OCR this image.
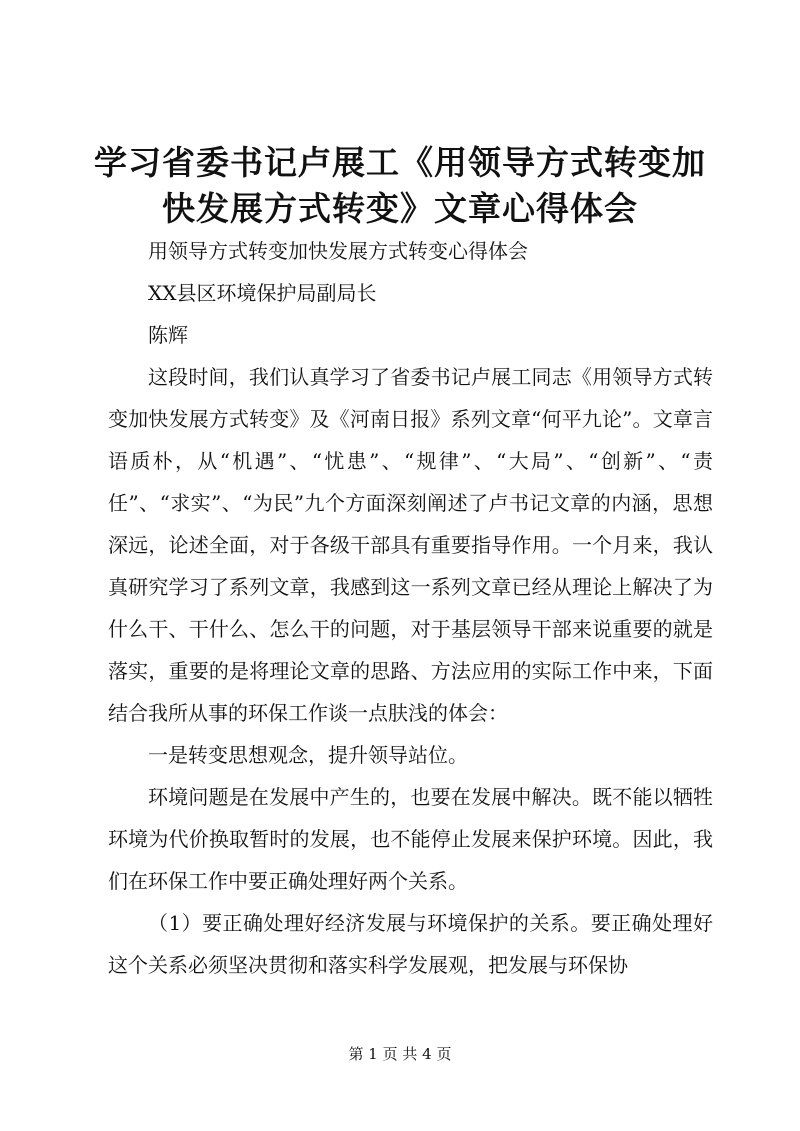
学习省委书记卢展工《用领导方式转变加快发展方式转变》文章心得体会

用领导方式转变加快发展方式转变心得体会

XX县区环境保护局副局长

陈辉

这段时间，我们认真学习了省委书记卢展工同志《用领导方式转变加快发展方式转变》及《河南日报》系列文章“何平九论”。文章言语质朴，从“机遇”、“忧患”、“规律”、“大局”、“创新”、“责任”、“求实”、“为民”九个方面深刻阐述了卢书记文章的内涵，思想深远，论述全面，对于各级干部具有重要指导作用。一个月来，我认真研究学习了系列文章，我感到这一系列文章已经从理论上解决了为什么干、干什么、怎么干的问题，对于基层领导干部来说重要的就是落实，重要的是将理论文章的思路、方法应用的实际工作中来，下面结合我所从事的环保工作谈一点肤浅的体会：

一是转变思想观念，提升领导站位。

环境问题是在发展中产生的，也要在发展中解决。既不能以牺牲环境为代价换取暂时的发展，也不能停止发展来保护环境。因此，我们在环保工作中要正确处理好两个关系。

（1）要正确处理好经济发展与环境保护的关系。要正确处理好这个关系必须坚决贯彻和落实科学发展观，把发展与环保协

第 1 页 共 4 页
